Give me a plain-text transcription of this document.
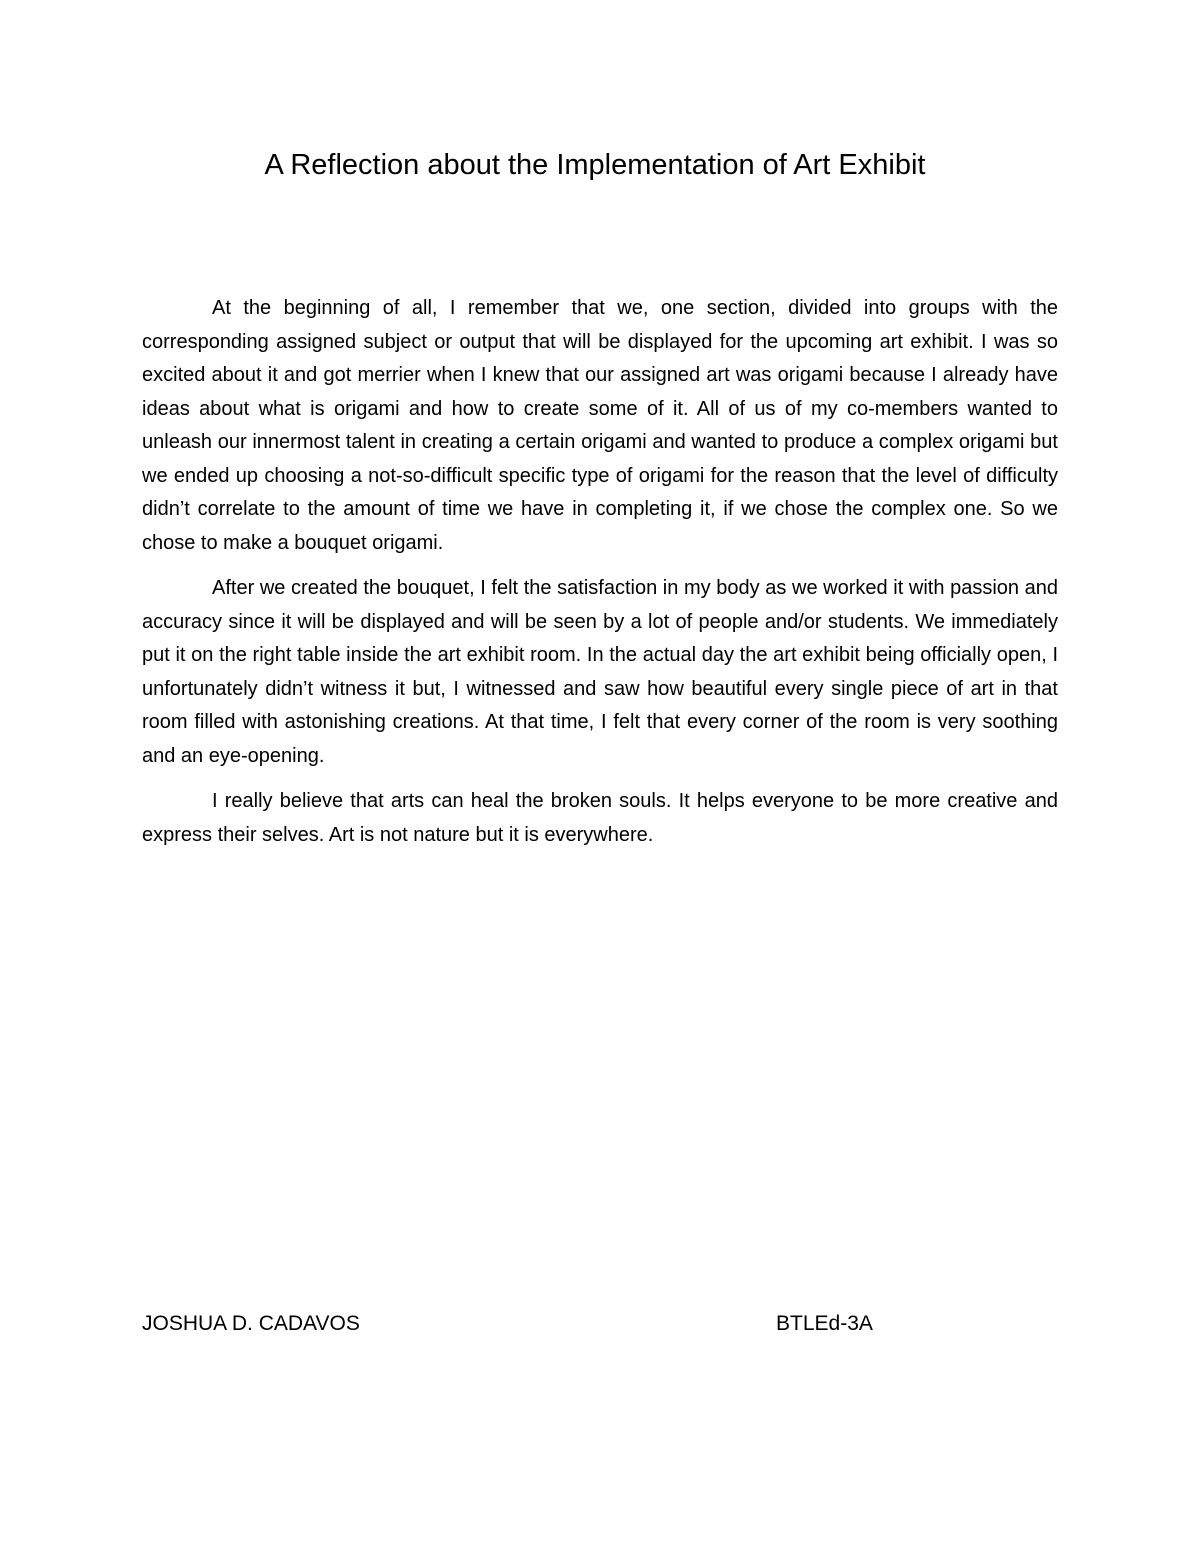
A Reflection about the Implementation of Art Exhibit

At the beginning of all, I remember that we, one section, divided into groups with the corresponding assigned subject or output that will be displayed for the upcoming art exhibit. I was so excited about it and got merrier when I knew that our assigned art was origami because I already have ideas about what is origami and how to create some of it. All of us of my co-members wanted to unleash our innermost talent in creating a certain origami and wanted to produce a complex origami but we ended up choosing a not-so-difficult specific type of origami for the reason that the level of difficulty didn’t correlate to the amount of time we have in completing it, if we chose the complex one. So we chose to make a bouquet origami.

After we created the bouquet, I felt the satisfaction in my body as we worked it with passion and accuracy since it will be displayed and will be seen by a lot of people and/or students. We immediately put it on the right table inside the art exhibit room. In the actual day the art exhibit being officially open, I unfortunately didn’t witness it but, I witnessed and saw how beautiful every single piece of art in that room filled with astonishing creations. At that time, I felt that every corner of the room is very soothing and an eye-opening.

I really believe that arts can heal the broken souls. It helps everyone to be more creative and express their selves. Art is not nature but it is everywhere.

JOSHUA D. CADAVOS	BTLEd-3A
